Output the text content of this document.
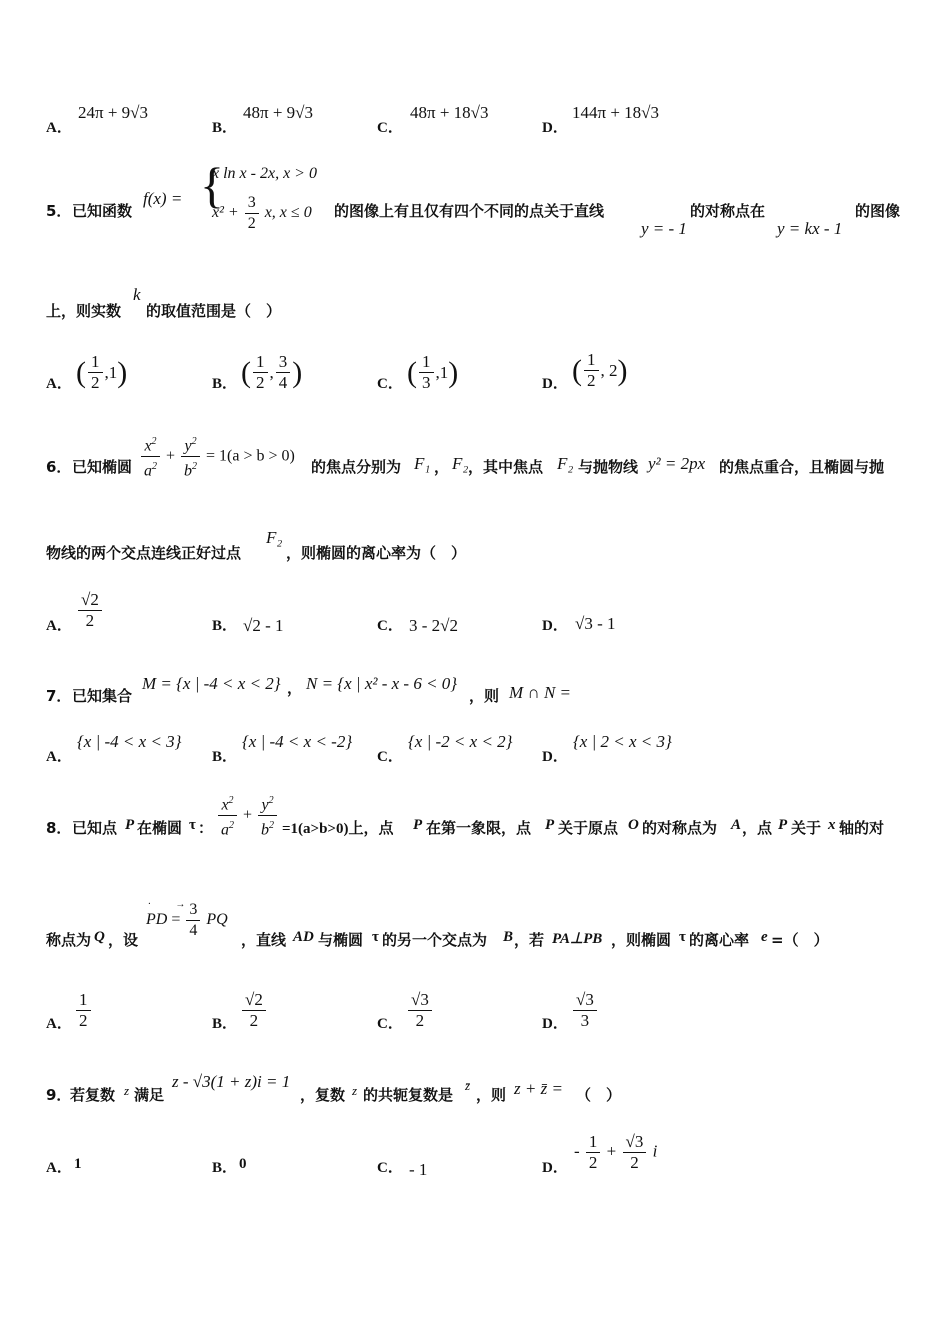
A．
24π + 9√3
B．
48π + 9√3
C．
48π + 18√3
D．
144π + 18√3
5． 已知函数
f(x) = {
x ln x - 2x, x > 0
$x^2 + \frac{3}{2} x$, x ≤ 0 的图像上有且仅有四个不同的点关于直线
y = - 1
的对称点在
y = kx - 1
的图像
上，则实数
k
的取值范围是（　）
A． ( $\frac{1}{2} ,1$ )	B． ( $\frac{1}{2}$ , $\frac{3}{4}$ )	C． ( $\frac{1}{3} ,1$ )	D． ( $\frac{1}{2}$ , 2 )
6． 已知椭圆 $\frac{x^2}{a^2} + \frac{y^2}{b^2} = 1(a > b > 0)$
的焦点分别为 F₁ ， F₂ ，其中焦点 F₂ 与抛物线 y² = 2px 的焦点重合，且椭圆与抛
物线的两个交点连线正好过点
F₂
，则椭圆的离心率为（　）
A． $\frac{√2}{2}$	B． √2 - 1	C． 3 - 2√2	D． √3 - 1
7． 已知集合
M = {x | -4 < x < 2} ， N = {x | x² - x - 6 < 0}
，则 M ∩ N =
A．
{x | -4 < x < 3}
B．
{x | -4 < x < -2}
C．
{x | -2 < x < 2}
D．
{x | 2 < x < 3}
8． 已知点 P 在椭圆 τ ： $\frac{x^2}{a^2} + \frac{y^2}{b^2} =1(a>b>0)$上，点 P 在第一象限，点 P 关于原点 O 的对称点为 A ，点 P 关于 x 轴的对
称点为 Q ，设
·
PD
→
= $\frac{3}{4}$ PQ
，直线 AD 与椭圆 τ 的另一个交点为 B ，若 PA⊥PB ，则椭圆 τ 的离心率 e =（　）
A． $\frac{1}{2}$	B． $\frac{√2}{2}$	C． $\frac{√3}{2}$	D． $\frac{√3}{3}$
9．
若复数 z 满足
z - √3(1 + z)i = 1
，复数 z 的共轭复数是
z̄
，则 z + z̄ = （　）
A． 1	B． 0	C． - 1	D．
- $\frac{1}{2} + \frac{√3}{2}$ i
